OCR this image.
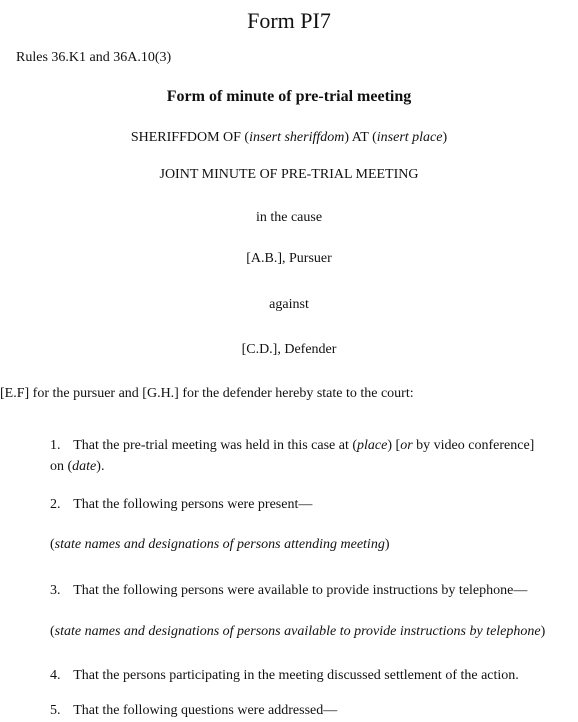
Form PI7
Rules 36.K1 and 36A.10(3)
Form of minute of pre-trial meeting
SHERIFFDOM OF (insert sheriffdom) AT (insert place)
JOINT MINUTE OF PRE-TRIAL MEETING
in the cause
[A.B.], Pursuer
against
[C.D.], Defender
[E.F] for the pursuer and [G.H.] for the defender hereby state to the court:
1. That the pre-trial meeting was held in this case at (place) [or by video conference] on (date).
2. That the following persons were present—
(state names and designations of persons attending meeting)
3. That the following persons were available to provide instructions by telephone—
(state names and designations of persons available to provide instructions by telephone)
4. That the persons participating in the meeting discussed settlement of the action.
5. That the following questions were addressed—
